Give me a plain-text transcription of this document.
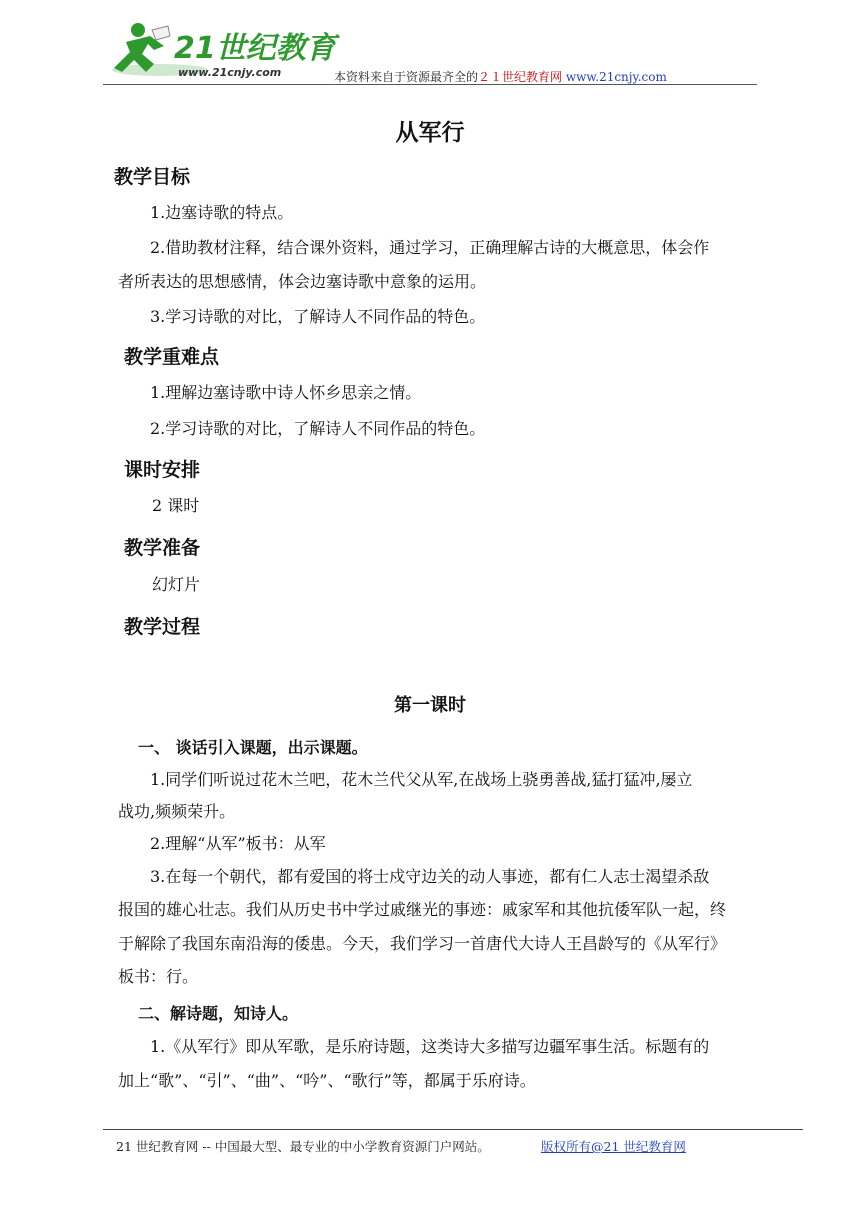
21世纪教育
www.21cnjy.com	本资料来自于资源最齐全的２１世纪教育网 www.21cnjy.com
从军行
教学目标
1.边塞诗歌的特点。
2.借助教材注释，结合课外资料，通过学习，正确理解古诗的大概意思，体会作
者所表达的思想感情，体会边塞诗歌中意象的运用。
3.学习诗歌的对比，了解诗人不同作品的特色。
教学重难点
1.理解边塞诗歌中诗人怀乡思亲之情。
2.学习诗歌的对比，了解诗人不同作品的特色。
课时安排
2 课时
教学准备
幻灯片
教学过程
第一课时
一、 谈话引入课题，出示课题。
1.同学们听说过花木兰吧，花木兰代父从军,在战场上骁勇善战,猛打猛冲,屡立
战功,频频荣升。
2.理解“从军”板书：从军
3.在每一个朝代，都有爱国的将士戍守边关的动人事迹，都有仁人志士渴望杀敌
报国的雄心壮志。我们从历史书中学过戚继光的事迹：戚家军和其他抗倭军队一起，终
于解除了我国东南沿海的倭患。今天，我们学习一首唐代大诗人王昌龄写的《从军行》
板书：行。
二、解诗题，知诗人。
1.《从军行》即从军歌，是乐府诗题，这类诗大多描写边疆军事生活。标题有的
加上“歌”、“引”、“曲”、“吟”、“歌行”等，都属于乐府诗。
21 世纪教育网 -- 中国最大型、最专业的中小学教育资源门户网站。	版权所有@21 世纪教育网
